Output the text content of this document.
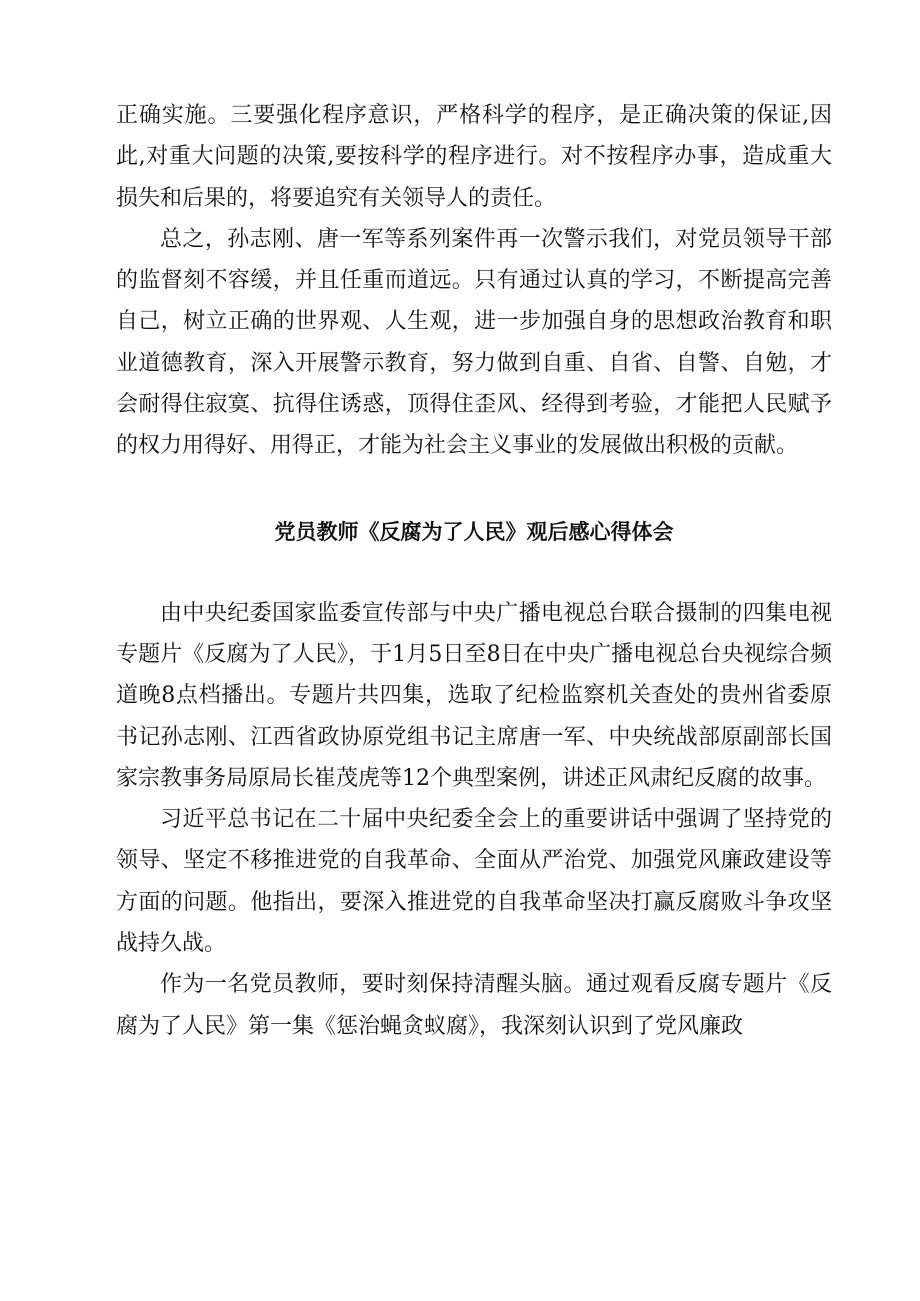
正确实施。三要强化程序意识，严格科学的程序，是正确决策的保证,因此,对重大问题的决策,要按科学的程序进行。对不按程序办事，造成重大损失和后果的，将要追究有关领导人的责任。

总之，孙志刚、唐一军等系列案件再一次警示我们，对党员领导干部的监督刻不容缓，并且任重而道远。只有通过认真的学习，不断提高完善自己，树立正确的世界观、人生观，进一步加强自身的思想政治教育和职业道德教育，深入开展警示教育，努力做到自重、自省、自警、自勉，才会耐得住寂寞、抗得住诱惑，顶得住歪风、经得到考验，才能把人民赋予的权力用得好、用得正，才能为社会主义事业的发展做出积极的贡献。

党员教师《反腐为了人民》观后感心得体会

由中央纪委国家监委宣传部与中央广播电视总台联合摄制的四集电视专题片《反腐为了人民》，于1月5日至8日在中央广播电视总台央视综合频道晚8点档播出。专题片共四集，选取了纪检监察机关查处的贵州省委原书记孙志刚、江西省政协原党组书记主席唐一军、中央统战部原副部长国家宗教事务局原局长崔茂虎等12个典型案例，讲述正风肃纪反腐的故事。

习近平总书记在二十届中央纪委全会上的重要讲话中强调了坚持党的领导、坚定不移推进党的自我革命、全面从严治党、加强党风廉政建设等方面的问题。他指出，要深入推进党的自我革命坚决打赢反腐败斗争攻坚战持久战。

作为一名党员教师，要时刻保持清醒头脑。通过观看反腐专题片《反腐为了人民》第一集《惩治蝇贪蚁腐》，我深刻认识到了党风廉政
